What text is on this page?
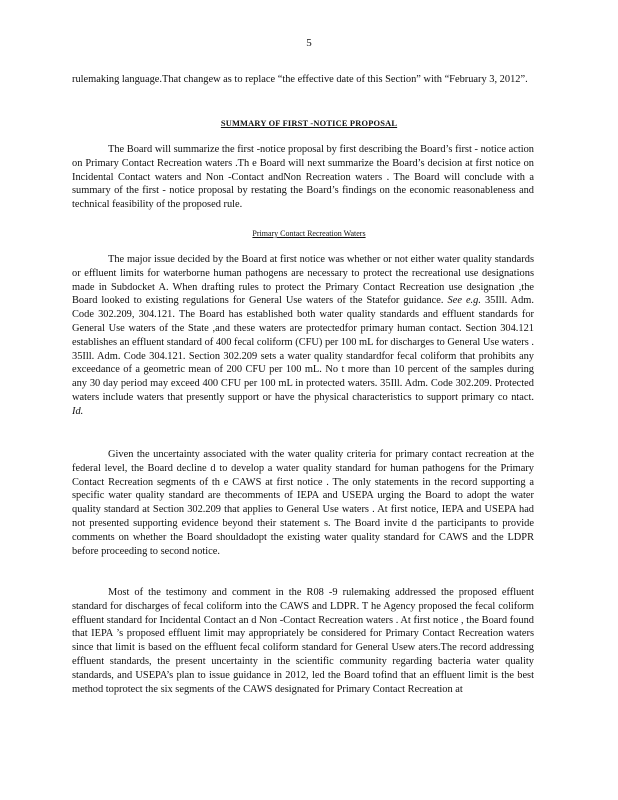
5

rulemaking language.That changew as to replace “the effective date of this Section” with “February 3, 2012”.

SUMMARY OF FIRST -NOTICE PROPOSAL

The Board will summarize the first -notice proposal by first describing the Board’s first - notice action on Primary Contact Recreation waters .Th e Board will next summarize the Board’s decision at first notice on Incidental Contact waters and Non -Contact andNon Recreation waters . The Board will conclude with a summary of the first - notice proposal by restating the Board’s findings on the economic reasonableness and technical feasibility of the proposed rule.

Primary Contact Recreation Waters

The major issue decided by the Board at first notice was whether or not either water quality standards or effluent limits for waterborne human pathogens are necessary to protect the recreational use designations made in Subdocket A. When drafting rules to protect the Primary Contact Recreation use designation ,the Board looked to existing regulations for General Use waters of the Statefor guidance. See e.g. 35Ill. Adm. Code 302.209, 304.121. The Board has established both water quality standards and effluent standards for General Use waters of the State ,and these waters are protectedfor primary human contact. Section 304.121 establishes an effluent standard of 400 fecal coliform (CFU) per 100 mL for discharges to General Use waters . 35Ill. Adm. Code 304.121. Section 302.209 sets a water quality standardfor fecal coliform that prohibits any exceedance of a geometric mean of 200 CFU per 100 mL. No t more than 10 percent of the samples during any 30 day period may exceed 400 CFU per 100 mL in protected waters. 35Ill. Adm. Code 302.209. Protected waters include waters that presently support or have the physical characteristics to support primary co ntact. Id.

Given the uncertainty associated with the water quality criteria for primary contact recreation at the federal level, the Board decline d to develop a water quality standard for human pathogens for the Primary Contact Recreation segments of th e CAWS at first notice . The only statements in the record supporting a specific water quality standard are thecomments of IEPA and USEPA urging the Board to adopt the water quality standard at Section 302.209 that applies to General Use waters . At first notice, IEPA and USEPA had not presented supporting evidence beyond their statement s. The Board invite d the participants to provide comments on whether the Board shouldadopt the existing water quality standard for CAWS and the LDPR before proceeding to second notice.

Most of the testimony and comment in the R08 -9 rulemaking addressed the proposed effluent standard for discharges of fecal coliform into the CAWS and LDPR. T he Agency proposed the fecal coliform effluent standard for Incidental Contact an d Non -Contact Recreation waters . At first notice , the Board found that IEPA ’s proposed effluent limit may appropriately be considered for Primary Contact Recreation waters since that limit is based on the effluent fecal coliform standard for General Usew aters.The record addressing effluent standards, the present uncertainty in the scientific community regarding bacteria water quality standards, and USEPA’s plan to issue guidance in 2012, led the Board tofind that an effluent limit is the best method toprotect the six segments of the CAWS designated for Primary Contact Recreation at
